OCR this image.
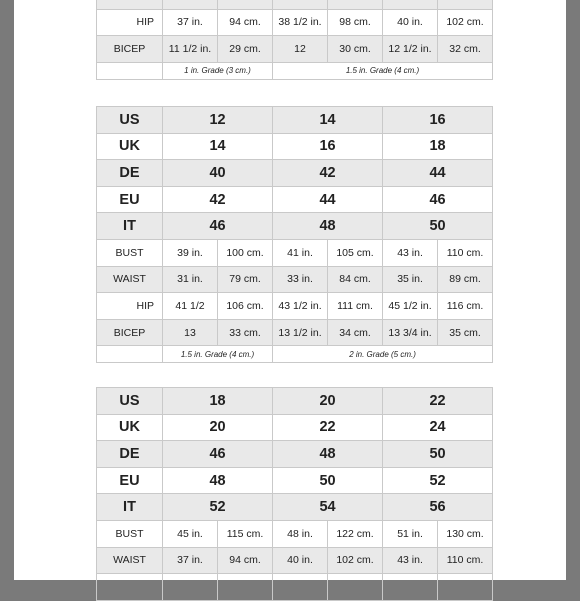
HIP	37 in.	94 cm.	38 1/2 in.	98 cm.	40 in.	102 cm.
BICEP	11 1/2 in.	29 cm.	12	30 cm.	12 1/2 in.	32 cm.
	1 in. Grade (3 cm.)		1.5 in. Grade (4 cm.)			
US	12		14		16	
UK	14		16		18	
DE	40		42		44	
EU	42		44		46	
IT	46		48		50	
BUST	39 in.	100 cm.	41 in.	105 cm.	43 in.	110 cm.
WAIST	31 in.	79 cm.	33 in.	84 cm.	35 in.	89 cm.
HIP	41 1/2	106 cm.	43 1/2 in.	111 cm.	45 1/2 in.	116 cm.
BICEP	13	33 cm.	13 1/2 in.	34 cm.	13 3/4 in.	35 cm.
	1.5 in. Grade (4 cm.)		2 in. Grade (5 cm.)			
US	18		20		22	
UK	20		22		24	
DE	46		48		50	
EU	48		50		52	
IT	52		54		56	
BUST	45 in.	115 cm.	48 in.	122 cm.	51 in.	130 cm.
WAIST	37 in.	94 cm.	40 in.	102 cm.	43 in.	110 cm.
